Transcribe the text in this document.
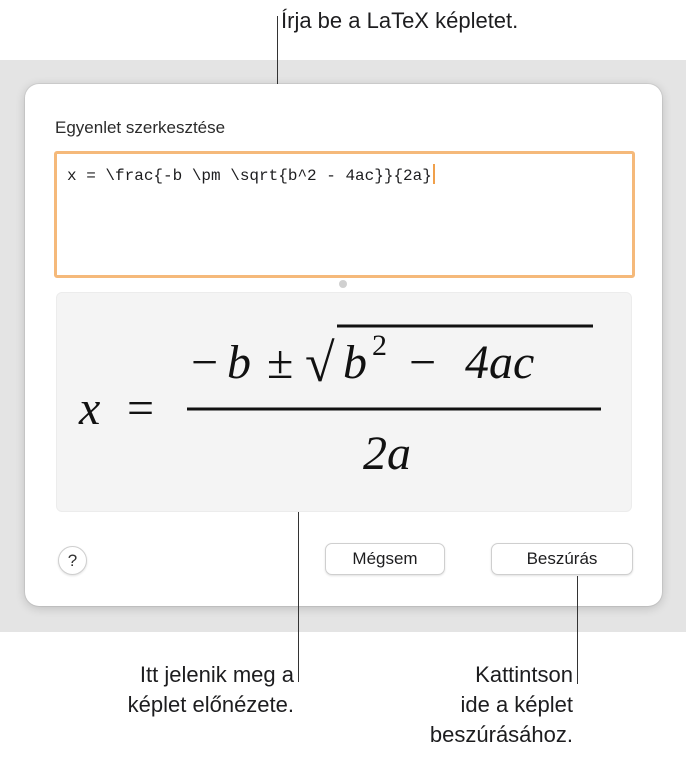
Írja be a LaTeX képletet.
Egyenlet szerkesztése
x = \frac{-b \pm \sqrt{b^2 - 4ac}}{2a}
x =
− b ± √ b 2 − 4ac
2a
?	Mégsem	Beszúrás
Itt jelenik meg a
képlet előnézete.
Kattintson
ide a képlet
beszúrásához.
